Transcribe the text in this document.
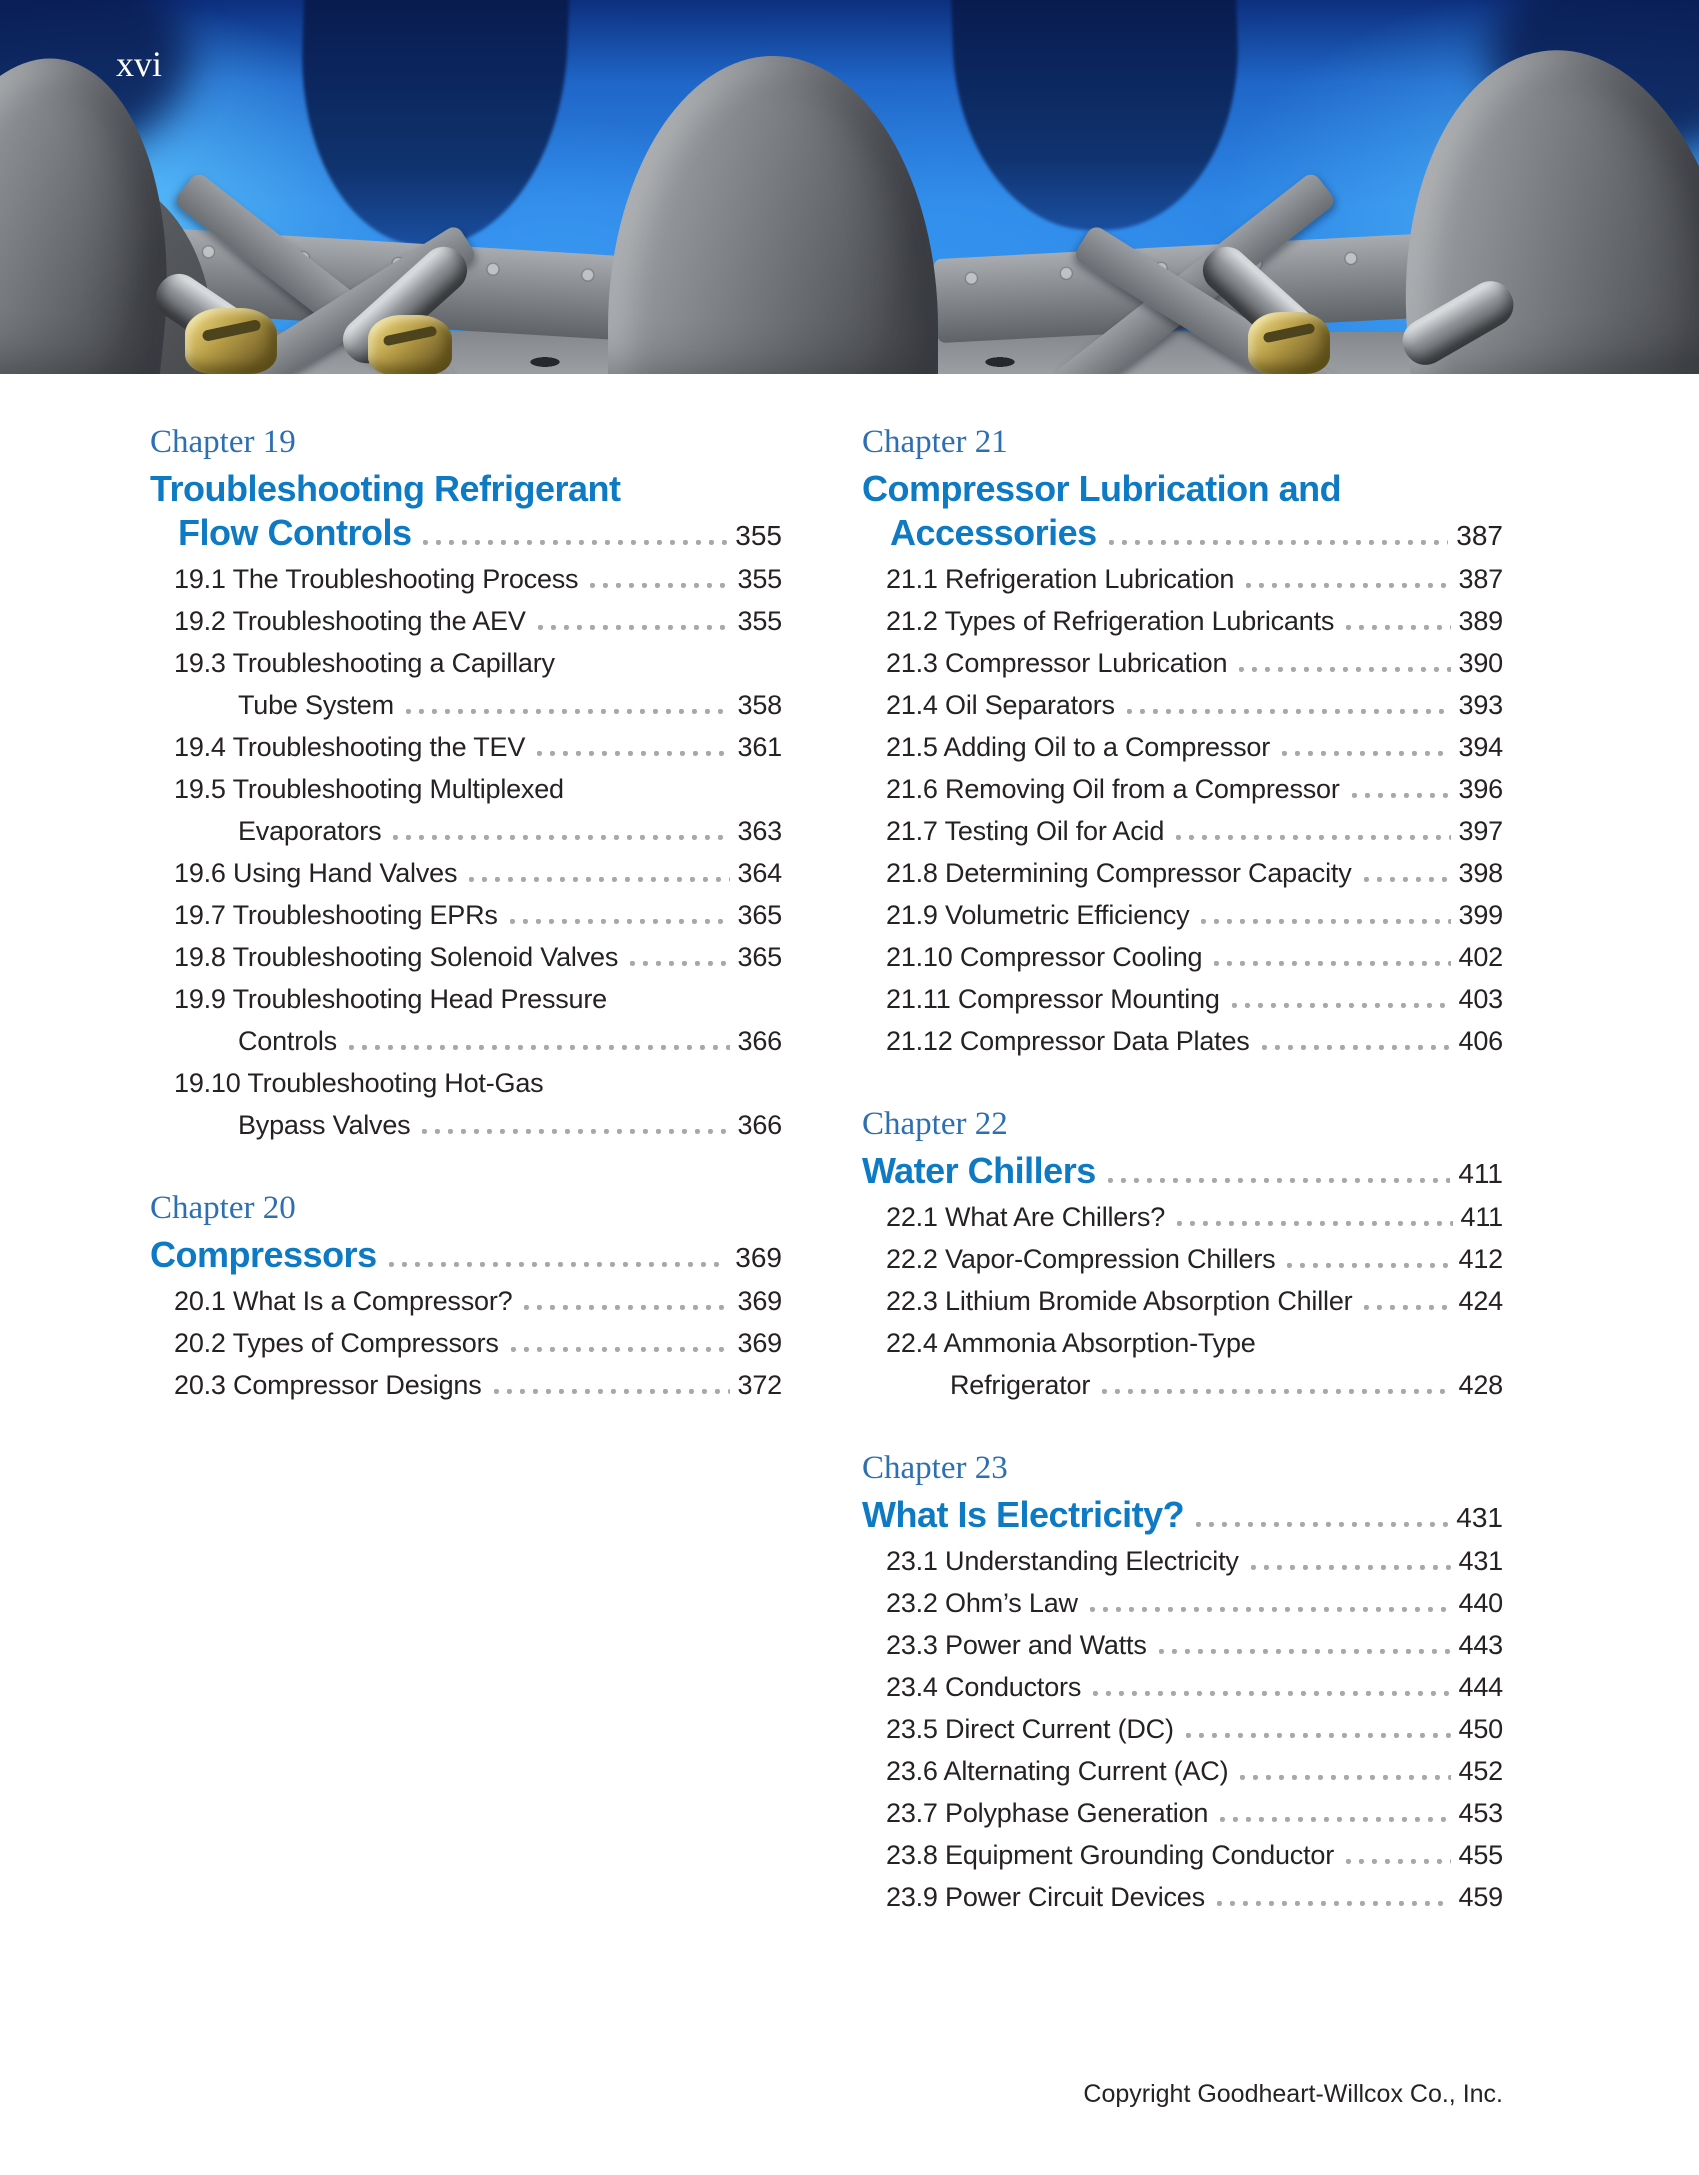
xvi
Chapter 19
Troubleshooting Refrigerant
Flow Controls	355
19.1 The Troubleshooting Process	355
19.2 Troubleshooting the AEV	355
19.3 Troubleshooting a Capillary
Tube System	358
19.4 Troubleshooting the TEV	361
19.5 Troubleshooting Multiplexed
Evaporators	363
19.6 Using Hand Valves	364
19.7 Troubleshooting EPRs	365
19.8 Troubleshooting Solenoid Valves	365
19.9 Troubleshooting Head Pressure
Controls	366
19.10 Troubleshooting Hot-Gas
Bypass Valves	366
Chapter 20
Compressors	369
20.1 What Is a Compressor?	369
20.2 Types of Compressors	369
20.3 Compressor Designs	372
Chapter 21
Compressor Lubrication and
Accessories	387
21.1 Refrigeration Lubrication	387
21.2 Types of Refrigeration Lubricants	389
21.3 Compressor Lubrication	390
21.4 Oil Separators	393
21.5 Adding Oil to a Compressor	394
21.6 Removing Oil from a Compressor	396
21.7 Testing Oil for Acid	397
21.8 Determining Compressor Capacity	398
21.9 Volumetric Efficiency	399
21.10 Compressor Cooling	402
21.11 Compressor Mounting	403
21.12 Compressor Data Plates	406
Chapter 22
Water Chillers	411
22.1 What Are Chillers?	411
22.2 Vapor-Compression Chillers	412
22.3 Lithium Bromide Absorption Chiller	424
22.4 Ammonia Absorption-Type
Refrigerator	428
Chapter 23
What Is Electricity?	431
23.1 Understanding Electricity	431
23.2 Ohm’s Law	440
23.3 Power and Watts	443
23.4 Conductors	444
23.5 Direct Current (DC)	450
23.6 Alternating Current (AC)	452
23.7 Polyphase Generation	453
23.8 Equipment Grounding Conductor	455
23.9 Power Circuit Devices	459
Copyright Goodheart-Willcox Co., Inc.
